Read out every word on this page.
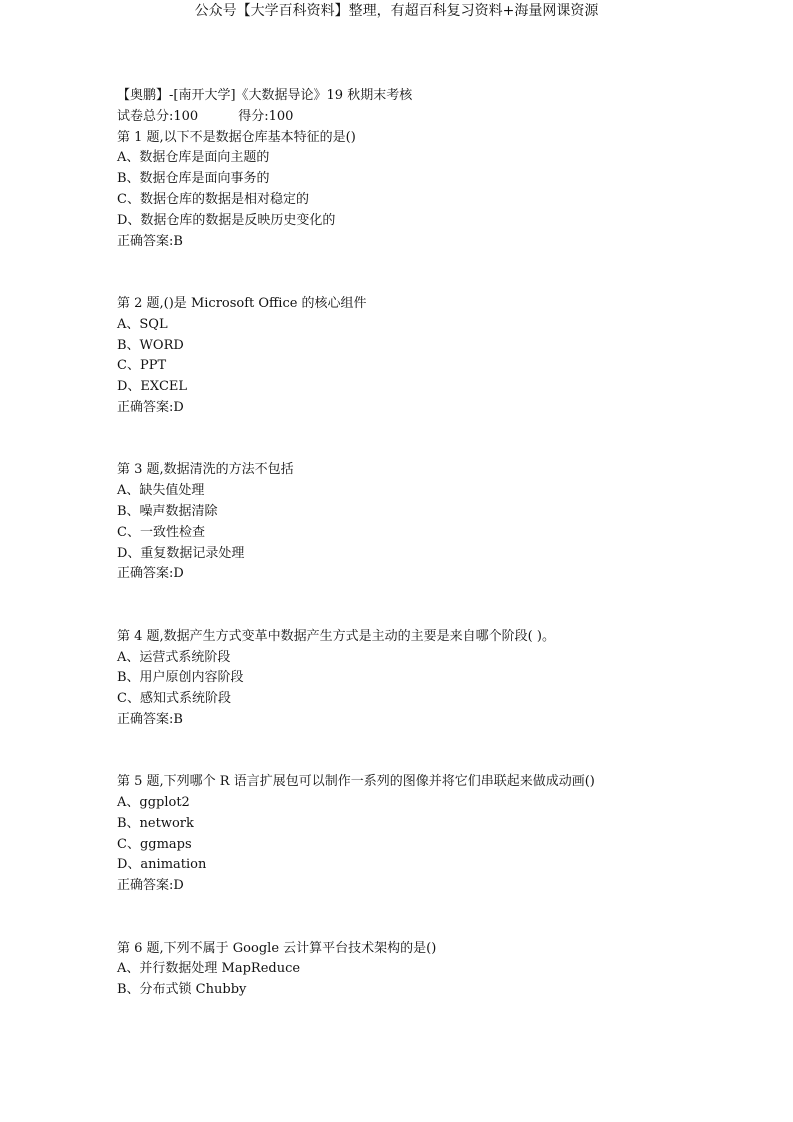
公众号【大学百科资料】整理，有超百科复习资料+海量网课资源
【奥鹏】-[南开大学]《大数据导论》19 秋期末考核
试卷总分:100	得分:100
第 1 题,以下不是数据仓库基本特征的是()
A、数据仓库是面向主题的
B、数据仓库是面向事务的
C、数据仓库的数据是相对稳定的
D、数据仓库的数据是反映历史变化的
正确答案:B
第 2 题,()是 Microsoft Office 的核心组件
A、SQL
B、WORD
C、PPT
D、EXCEL
正确答案:D
第 3 题,数据清洗的方法不包括
A、缺失值处理
B、噪声数据清除
C、一致性检查
D、重复数据记录处理
正确答案:D
第 4 题,数据产生方式变革中数据产生方式是主动的主要是来自哪个阶段( )。
A、运营式系统阶段
B、用户原创内容阶段
C、感知式系统阶段
正确答案:B
第 5 题,下列哪个 R 语言扩展包可以制作一系列的图像并将它们串联起来做成动画()
A、ggplot2
B、network
C、ggmaps
D、animation
正确答案:D
第 6 题,下列不属于 Google 云计算平台技术架构的是()
A、并行数据处理 MapReduce
B、分布式锁 Chubby
